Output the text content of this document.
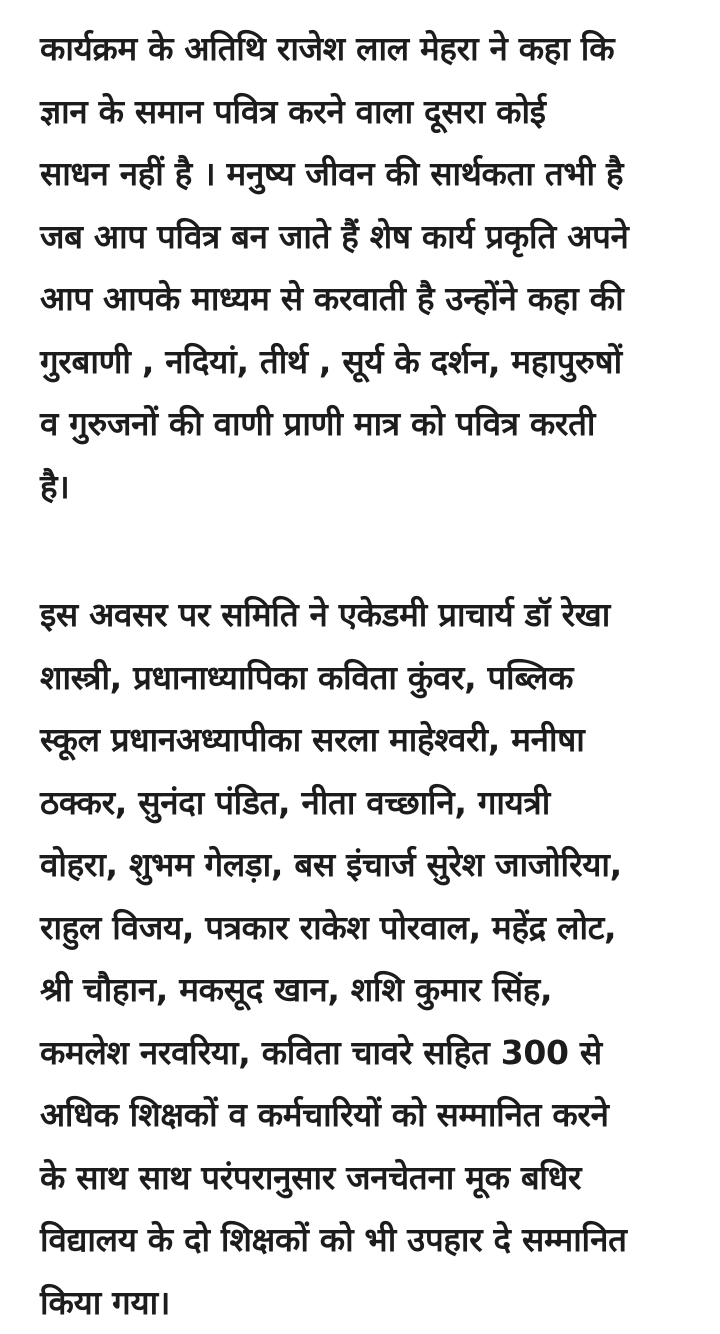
कार्यक्रम के अतिथि राजेश लाल मेहरा ने कहा कि
ज्ञान के समान पवित्र करने वाला दूसरा कोई
साधन नहीं है । मनुष्य जीवन की सार्थकता तभी है
जब आप पवित्र बन जाते हैं शेष कार्य प्रकृति अपने
आप आपके माध्यम से करवाती है उन्होंने कहा की
गुरबाणी , नदियां, तीर्थ , सूर्य के दर्शन, महापुरुषों
व गुरुजनों की वाणी प्राणी मात्र को पवित्र करती
है।
इस अवसर पर समिति ने एकेडमी प्राचार्य डॉ रेखा
शास्त्री, प्रधानाध्यापिका कविता कुंवर, पब्लिक
स्कूल प्रधानअध्यापीका सरला माहेश्वरी, मनीषा
ठक्कर, सुनंदा पंडित, नीता वच्छानि, गायत्री
वोहरा, शुभम गेलड़ा, बस इंचार्ज सुरेश जाजोरिया,
राहुल विजय, पत्रकार राकेश पोरवाल, महेंद्र लोट,
श्री चौहान, मकसूद खान, शशि कुमार सिंह,
कमलेश नरवरिया, कविता चावरे सहित 300 से
अधिक शिक्षकों व कर्मचारियों को सम्मानित करने
के साथ साथ परंपरानुसार जनचेतना मूक बधिर
विद्यालय के दो शिक्षकों को भी उपहार दे सम्मानित
किया गया।
